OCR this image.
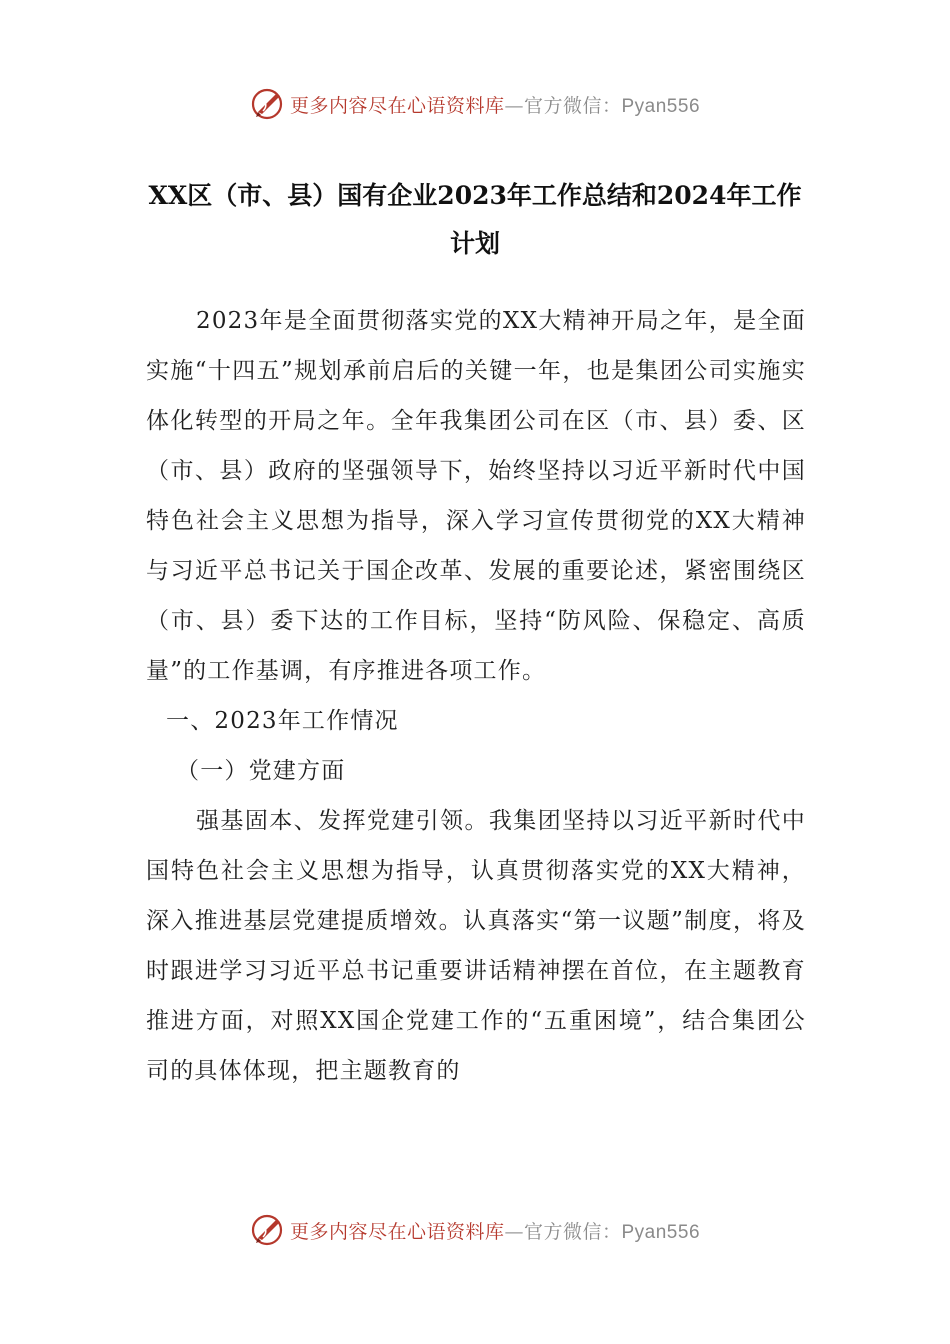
更多内容尽在心语资料库—官方微信：Pyan556
XX区（市、县）国有企业2023年工作总结和2024年工作计划

2023年是全面贯彻落实党的XX大精神开局之年，是全面实施“十四五”规划承前启后的关键一年，也是集团公司实施实体化转型的开局之年。全年我集团公司在区（市、县）委、区（市、县）政府的坚强领导下，始终坚持以习近平新时代中国特色社会主义思想为指导，深入学习宣传贯彻党的XX大精神与习近平总书记关于国企改革、发展的重要论述，紧密围绕区（市、县）委下达的工作目标，坚持“防风险、保稳定、高质量”的工作基调，有序推进各项工作。

一、2023年工作情况

（一）党建方面

强基固本、发挥党建引领。我集团坚持以习近平新时代中国特色社会主义思想为指导，认真贯彻落实党的XX大精神，深入推进基层党建提质增效。认真落实“第一议题”制度，将及时跟进学习习近平总书记重要讲话精神摆在首位，在主题教育推进方面，对照XX国企党建工作的“五重困境”，结合集团公司的具体体现，把主题教育的

更多内容尽在心语资料库—官方微信：Pyan556
